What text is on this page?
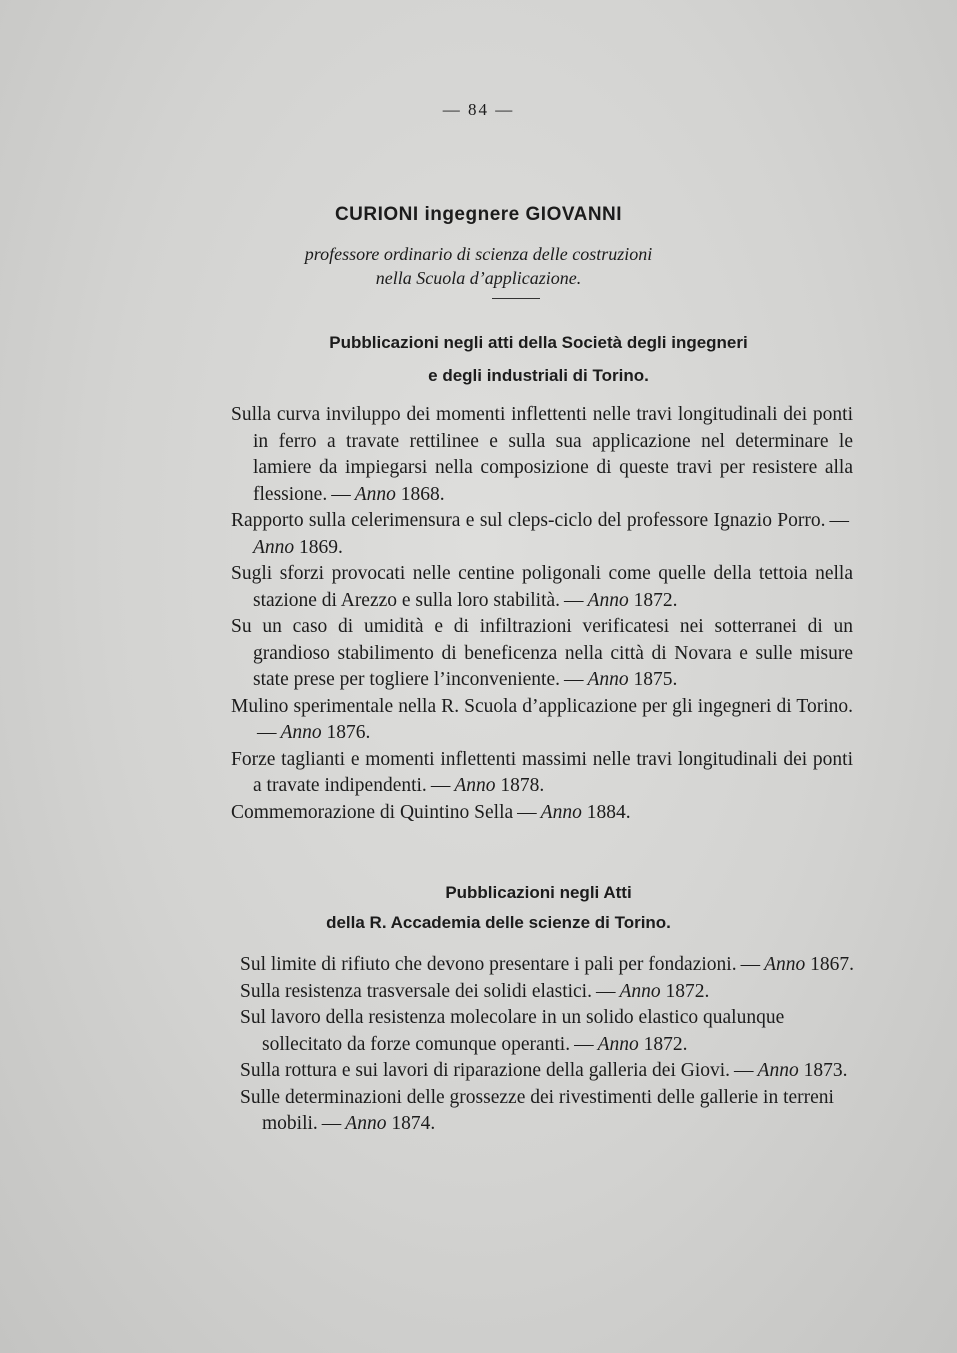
— 84 —
CURIONI ingegnere GIOVANNI
professore ordinario di scienza delle costruzioni
nella Scuola d’applicazione.
Pubblicazioni negli atti della Società degli ingegneri
e degli industriali di Torino.
Sulla curva inviluppo dei momenti inflettenti nelle travi longitudinali dei ponti in ferro a travate rettilinee e sulla sua applicazione nel determinare le lamiere da impiegarsi nella composizione di queste travi per resistere alla flessione. — Anno 1868.
Rapporto sulla celerimensura e sul cleps-ciclo del professore Ignazio Porro. —Anno 1869.
Sugli sforzi provocati nelle centine poligonali come quelle della tettoia nella stazione di Arezzo e sulla loro stabilità. — Anno 1872.
Su un caso di umidità e di infiltrazioni verificatesi nei sotterranei di un grandioso stabilimento di beneficenza nella città di Novara e sulle misure state prese per togliere l’inconveniente. — Anno 1875.
Mulino sperimentale nella R. Scuola d’applicazione per gli ingegneri di Torino.— Anno 1876.
Forze taglianti e momenti inflettenti massimi nelle travi longitudinali dei ponti a travate indipendenti. — Anno 1878.
Commemorazione di Quintino Sella — Anno 1884.
Pubblicazioni negli Atti
della R. Accademia delle scienze di Torino.
Sul limite di rifiuto che devono presentare i pali per fondazioni. — Anno 1867.
Sulla resistenza trasversale dei solidi elastici. — Anno 1872.
Sul lavoro della resistenza molecolare in un solido elastico qualunque sollecitato da forze comunque operanti. — Anno 1872.
Sulla rottura e sui lavori di riparazione della galleria dei Giovi. — Anno 1873.
Sulle determinazioni delle grossezze dei rivestimenti delle gallerie in terreni mobili. — Anno 1874.
